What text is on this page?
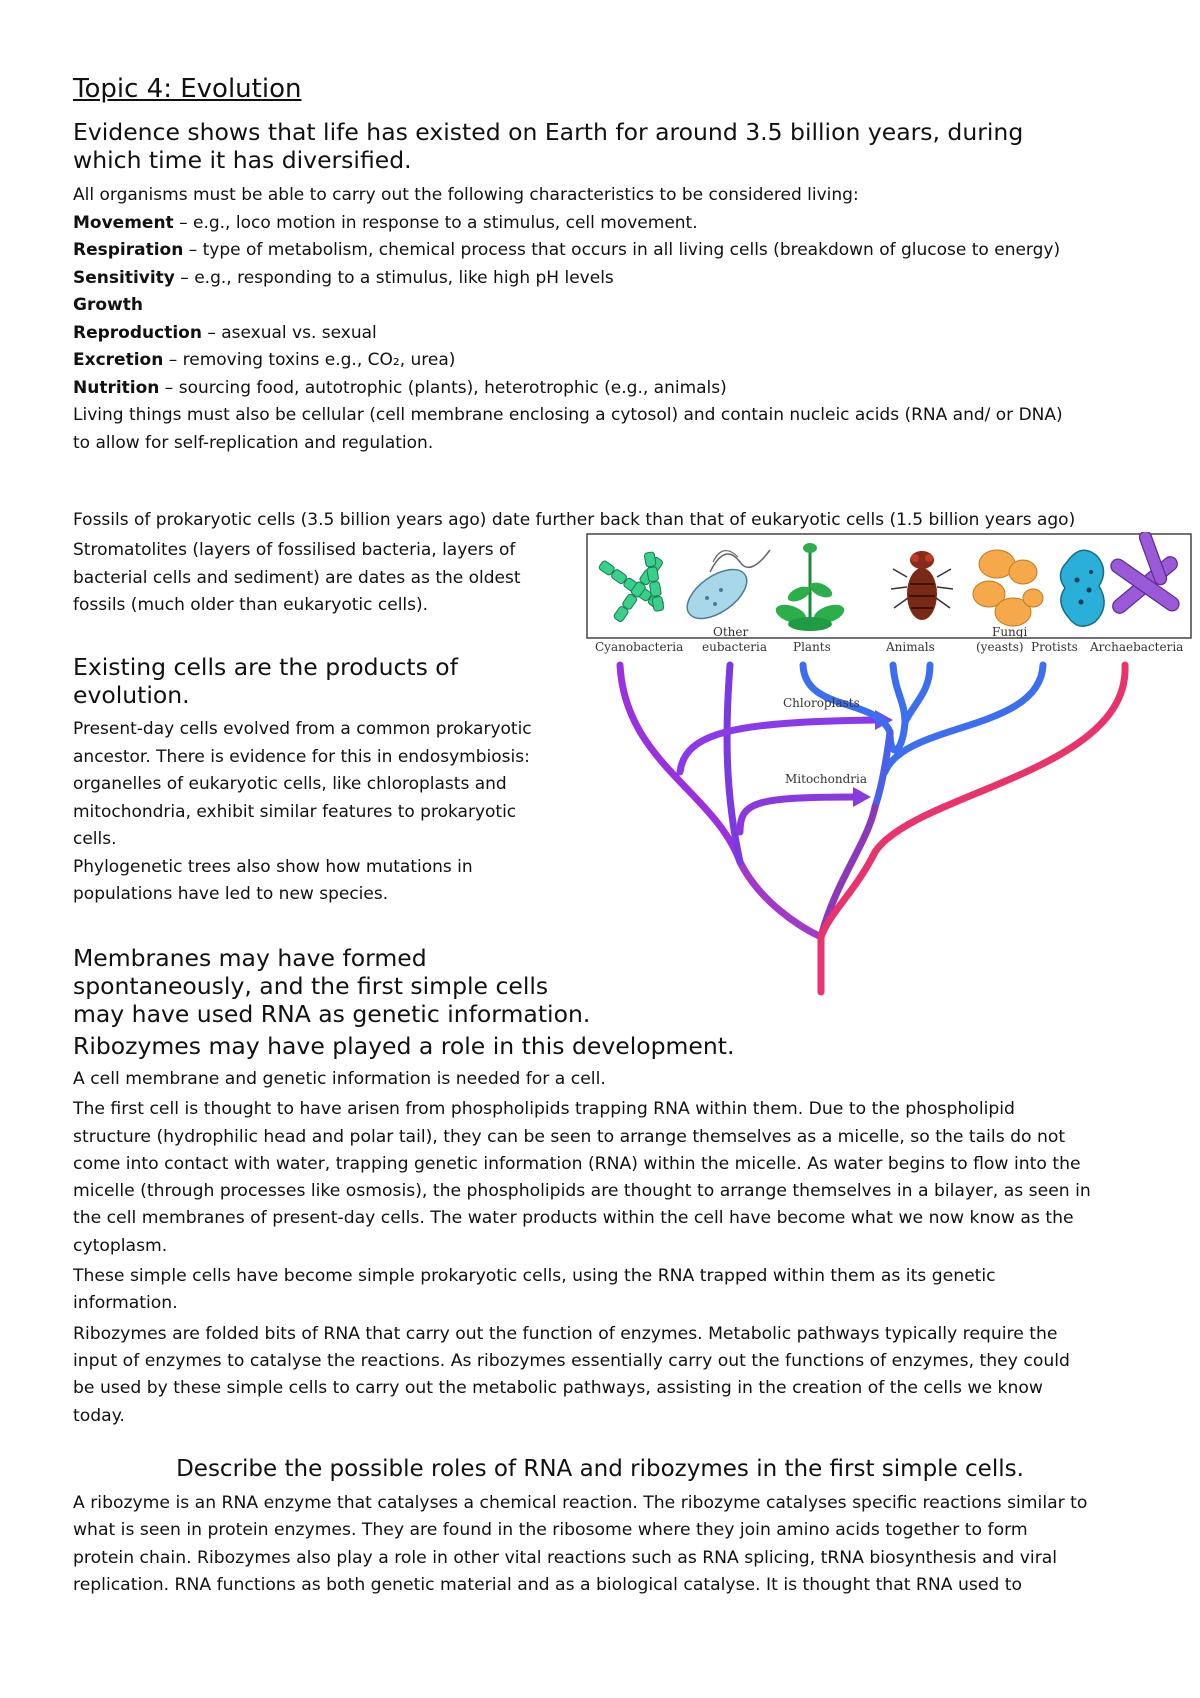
Topic 4: Evolution

Evidence shows that life has existed on Earth for around 3.5 billion years, during

which time it has diversified.

All organisms must be able to carry out the following characteristics to be considered living:

Movement – e.g., loco motion in response to a stimulus, cell movement.

Respiration – type of metabolism, chemical process that occurs in all living cells (breakdown of glucose to energy)

Sensitivity – e.g., responding to a stimulus, like high pH levels

Growth

Reproduction – asexual vs. sexual

Excretion – removing toxins e.g., CO₂, urea)

Nutrition – sourcing food, autotrophic (plants), heterotrophic (e.g., animals)

Living things must also be cellular (cell membrane enclosing a cytosol) and contain nucleic acids (RNA and/ or DNA)

to allow for self-replication and regulation.

Fossils of prokaryotic cells (3.5 billion years ago) date further back than that of eukaryotic cells (1.5 billion years ago)

Stromatolites (layers of fossilised bacteria, layers of

bacterial cells and sediment) are dates as the oldest

fossils (much older than eukaryotic cells).

Existing cells are the products of

evolution.

Present-day cells evolved from a common prokaryotic

ancestor. There is evidence for this in endosymbiosis:

organelles of eukaryotic cells, like chloroplasts and

mitochondria, exhibit similar features to prokaryotic

cells.

Phylogenetic trees also show how mutations in

populations have led to new species.

Membranes may have formed

spontaneously, and the first simple cells

may have used RNA as genetic information.

Ribozymes may have played a role in this development.

A cell membrane and genetic information is needed for a cell.

The first cell is thought to have arisen from phospholipids trapping RNA within them. Due to the phospholipid

structure (hydrophilic head and polar tail), they can be seen to arrange themselves as a micelle, so the tails do not

come into contact with water, trapping genetic information (RNA) within the micelle. As water begins to flow into the

micelle (through processes like osmosis), the phospholipids are thought to arrange themselves in a bilayer, as seen in

the cell membranes of present-day cells. The water products within the cell have become what we now know as the

cytoplasm.

These simple cells have become simple prokaryotic cells, using the RNA trapped within them as its genetic

information.

Ribozymes are folded bits of RNA that carry out the function of enzymes. Metabolic pathways typically require the

input of enzymes to catalyse the reactions. As ribozymes essentially carry out the functions of enzymes, they could

be used by these simple cells to carry out the metabolic pathways, assisting in the creation of the cells we know

today.

Describe the possible roles of RNA and ribozymes in the first simple cells.

A ribozyme is an RNA enzyme that catalyses a chemical reaction. The ribozyme catalyses specific reactions similar to

what is seen in protein enzymes. They are found in the ribosome where they join amino acids together to form

protein chain. Ribozymes also play a role in other vital reactions such as RNA splicing, tRNA biosynthesis and viral

replication. RNA functions as both genetic material and as a biological catalyse. It is thought that RNA used to

Cyanobacteria
Other
eubacteria Plants	Animals
Fungi
(yeasts) Protists Archaebacteria
Chloroplasts
Mitochondria
